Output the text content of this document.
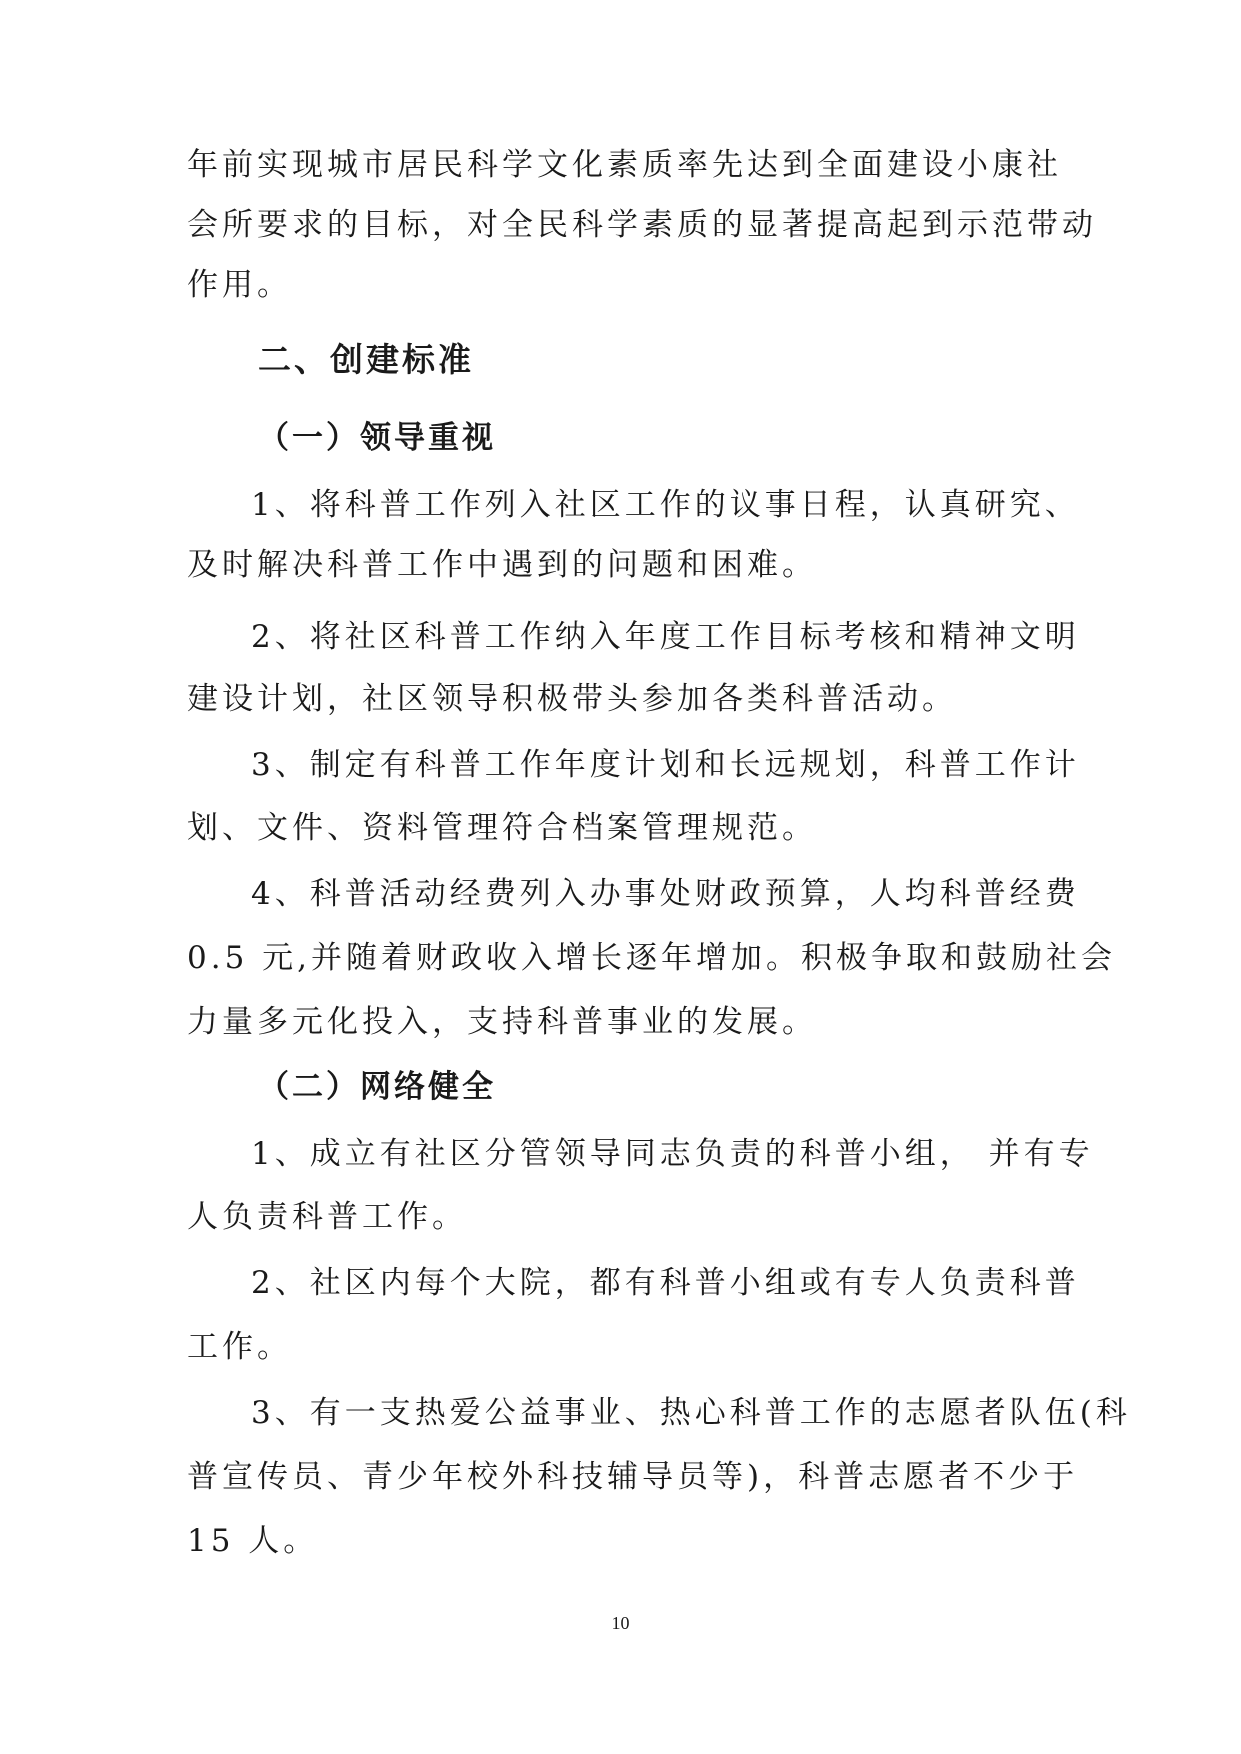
年前实现城市居民科学文化素质率先达到全面建设小康社
会所要求的目标，对全民科学素质的显著提高起到示范带动
作用。
二、创建标准
（一）领导重视
1、将科普工作列入社区工作的议事日程，认真研究、
及时解决科普工作中遇到的问题和困难。
2、将社区科普工作纳入年度工作目标考核和精神文明
建设计划，社区领导积极带头参加各类科普活动。
3、制定有科普工作年度计划和长远规划，科普工作计
划、文件、资料管理符合档案管理规范。
4、科普活动经费列入办事处财政预算，人均科普经费
0.5 元,并随着财政收入增长逐年增加。积极争取和鼓励社会
力量多元化投入，支持科普事业的发展。
（二）网络健全
1、成立有社区分管领导同志负责的科普小组， 并有专
人负责科普工作。
2、社区内每个大院，都有科普小组或有专人负责科普
工作。
3、有一支热爱公益事业、热心科普工作的志愿者队伍(科
普宣传员、青少年校外科技辅导员等)，科普志愿者不少于
15 人。
10
